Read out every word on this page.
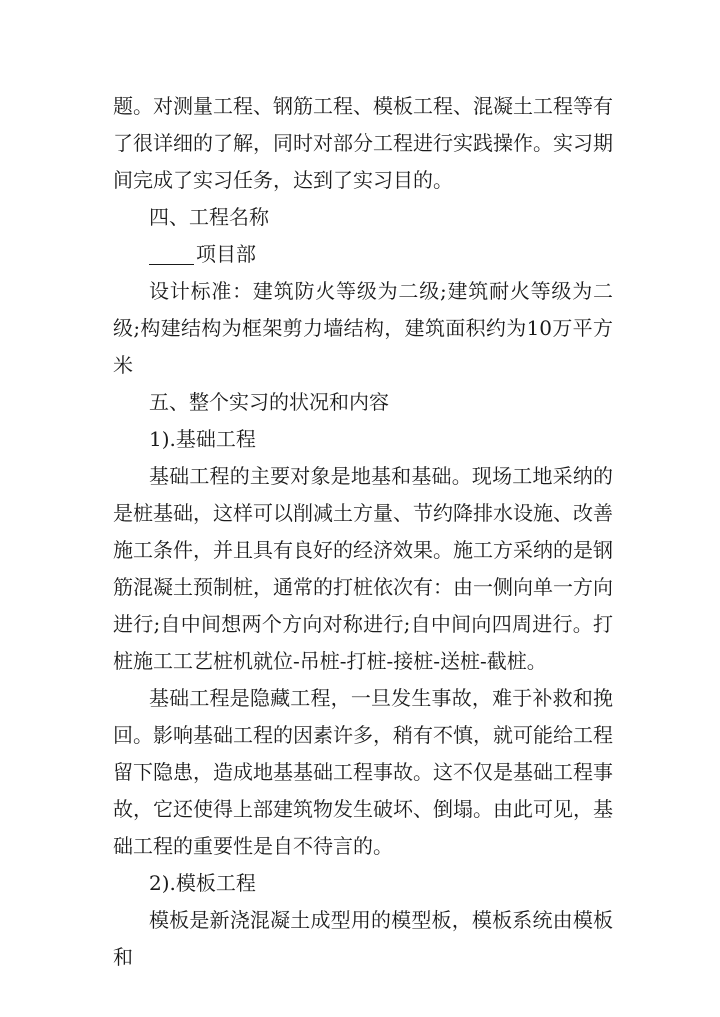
题。对测量工程、钢筋工程、模板工程、混凝土工程等有了很详细的了解，同时对部分工程进行实践操作。实习期间完成了实习任务，达到了实习目的。

四、工程名称

项目部

设计标准：建筑防火等级为二级;建筑耐火等级为二级;构建结构为框架剪力墙结构，建筑面积约为10万平方米

五、整个实习的状况和内容

1).基础工程

基础工程的主要对象是地基和基础。现场工地采纳的是桩基础，这样可以削减土方量、节约降排水设施、改善施工条件，并且具有良好的经济效果。施工方采纳的是钢筋混凝土预制桩，通常的打桩依次有：由一侧向单一方向进行;自中间想两个方向对称进行;自中间向四周进行。打桩施工工艺桩机就位-吊桩-打桩-接桩-送桩-截桩。

基础工程是隐藏工程，一旦发生事故，难于补救和挽回。影响基础工程的因素许多，稍有不慎，就可能给工程留下隐患，造成地基基础工程事故。这不仅是基础工程事故，它还使得上部建筑物发生破坏、倒塌。由此可见，基础工程的重要性是自不待言的。

2).模板工程

模板是新浇混凝土成型用的模型板，模板系统由模板和
